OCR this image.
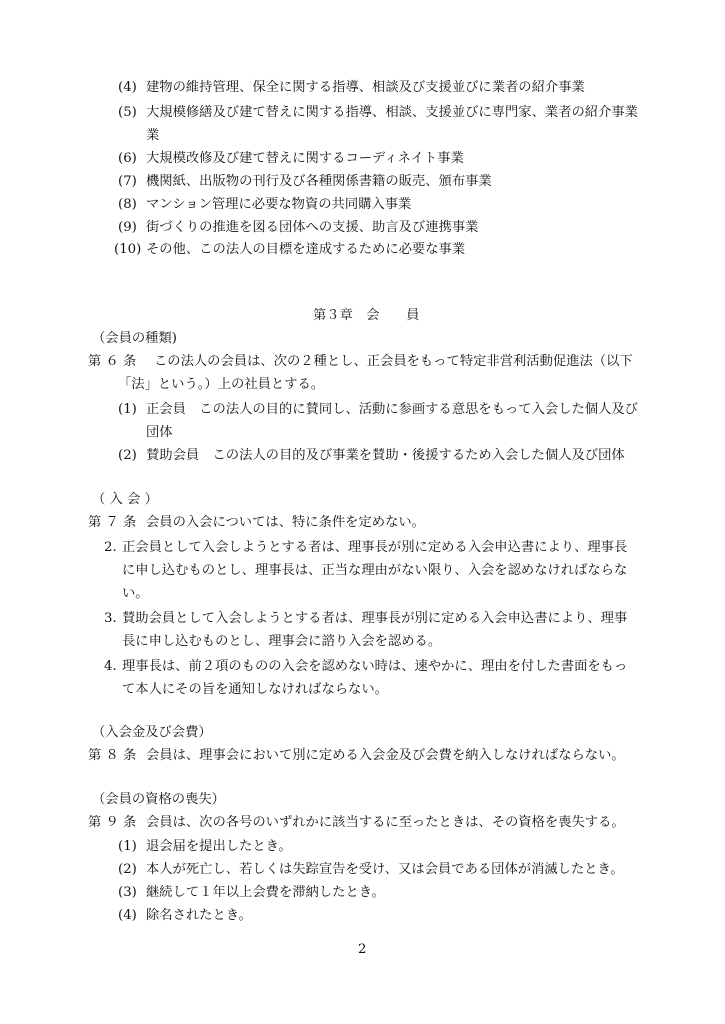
(4) 建物の維持管理、保全に関する指導、相談及び支援並びに業者の紹介事業
(5) 大規模修繕及び建て替えに関する指導、相談、支援並びに専門家、業者の紹介事業
業
(6) 大規模改修及び建て替えに関するコーディネイト事業
(7) 機関紙、出版物の刊行及び各種関係書籍の販売、頒布事業
(8) マンション管理に必要な物資の共同購入事業
(9) 街づくりの推進を図る団体への支援、助言及び連携事業
(10) その他、この法人の目標を達成するために必要な事業
第３章　会　　員
（会員の種類)
第 ６ 条 この法人の会員は、次の２種とし、正会員をもって特定非営利活動促進法（以下
「法」という。）上の社員とする。
(1) 正会員　この法人の目的に賛同し、活動に参画する意思をもって入会した個人及び
団体
(2) 賛助会員　この法人の目的及び事業を賛助・後援するため入会した個人及び団体
（ 入 会 ）
第 ７ 条 会員の入会については、特に条件を定めない。
2. 正会員として入会しようとする者は、理事長が別に定める入会申込書により、理事長
に申し込むものとし、理事長は、正当な理由がない限り、入会を認めなければならな
い。
3. 賛助会員として入会しようとする者は、理事長が別に定める入会申込書により、理事
長に申し込むものとし、理事会に諮り入会を認める。
4. 理事長は、前２項のものの入会を認めない時は、速やかに、理由を付した書面をもっ
て本人にその旨を通知しなければならない。
（入会金及び会費）
第 ８ 条 会員は、理事会において別に定める入会金及び会費を納入しなければならない。
（会員の資格の喪失）
第 ９ 条 会員は、次の各号のいずれかに該当するに至ったときは、その資格を喪失する。
(1) 退会届を提出したとき。
(2) 本人が死亡し、若しくは失踪宣告を受け、又は会員である団体が消滅したとき。
(3) 継続して１年以上会費を滞納したとき。
(4) 除名されたとき。
2
